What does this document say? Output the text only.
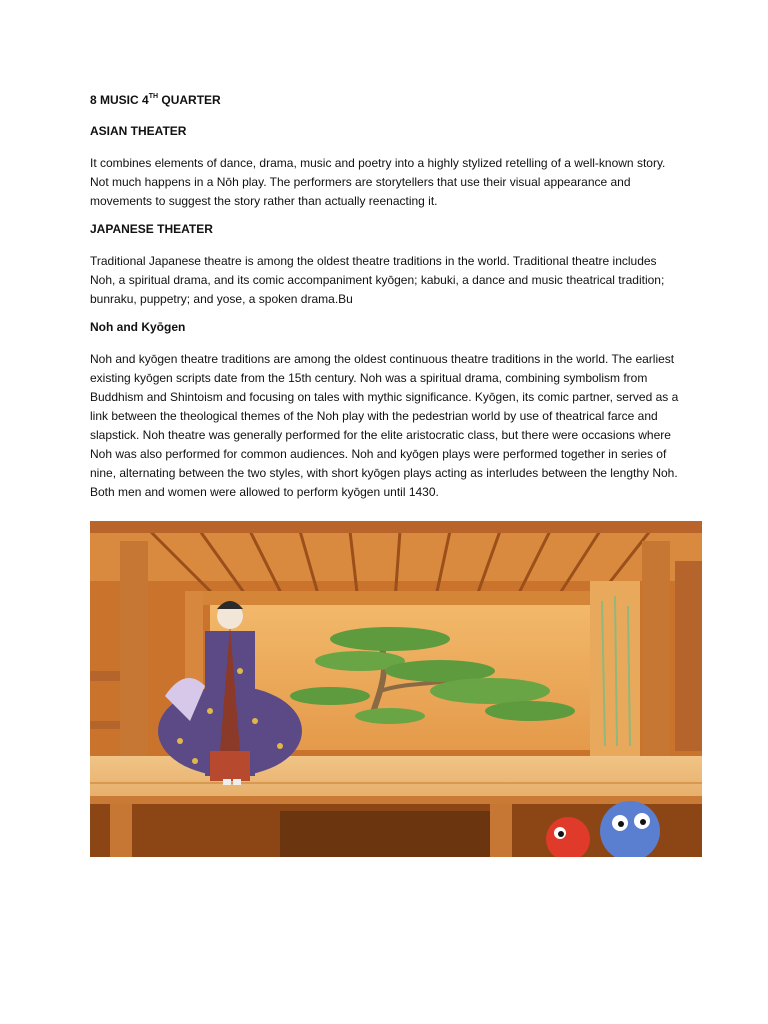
8 MUSIC 4TH QUARTER

ASIAN THEATER

It combines elements of dance, drama, music and poetry into a highly stylized retelling of a well-known story. Not much happens in a Nōh play. The performers are storytellers that use their visual appearance and movements to suggest the story rather than actually reenacting it.

JAPANESE THEATER

Traditional Japanese theatre is among the oldest theatre traditions in the world. Traditional theatre includes Noh, a spiritual drama, and its comic accompaniment kyōgen; kabuki, a dance and music theatrical tradition; bunraku, puppetry; and yose, a spoken drama.Bu

Noh and Kyōgen

Noh and kyōgen theatre traditions are among the oldest continuous theatre traditions in the world. The earliest existing kyōgen scripts date from the 15th century. Noh was a spiritual drama, combining symbolism from Buddhism and Shintoism and focusing on tales with mythic significance. Kyōgen, its comic partner, served as a link between the theological themes of the Noh play with the pedestrian world by use of theatrical farce and slapstick. Noh theatre was generally performed for the elite aristocratic class, but there were occasions where Noh was also performed for common audiences. Noh and kyōgen plays were performed together in series of nine, alternating between the two styles, with short kyōgen plays acting as interludes between the lengthy Noh. Both men and women were allowed to perform kyōgen until 1430.
